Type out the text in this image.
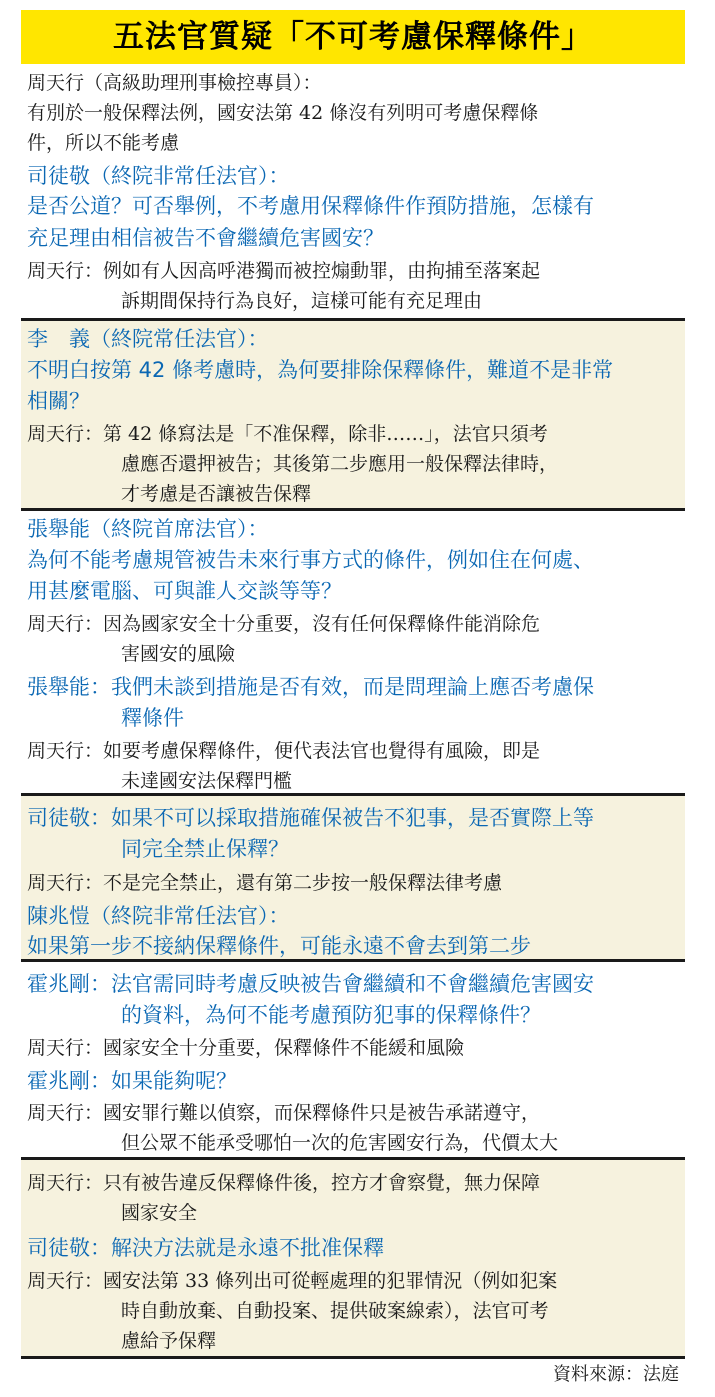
五法官質疑「不可考慮保釋條件」
周天行（高級助理刑事檢控專員）：
有別於一般保釋法例，國安法第 42 條沒有列明可考慮保釋條
件，所以不能考慮
司徒敬（終院非常任法官）：
是否公道？可否舉例，不考慮用保釋條件作預防措施，怎樣有
充足理由相信被告不會繼續危害國安？
周天行：例如有人因高呼港獨而被控煽動罪，由拘捕至落案起
訴期間保持行為良好，這樣可能有充足理由
李　義（終院常任法官）：
不明白按第 42 條考慮時，為何要排除保釋條件，難道不是非常
相關？
周天行：第 42 條寫法是「不准保釋，除非……」，法官只須考
慮應否還押被告；其後第二步應用一般保釋法律時，
才考慮是否讓被告保釋
張舉能（終院首席法官）：
為何不能考慮規管被告未來行事方式的條件，例如住在何處、
用甚麼電腦、可與誰人交談等等？
周天行：因為國家安全十分重要，沒有任何保釋條件能消除危
害國安的風險
張舉能：我們未談到措施是否有效，而是問理論上應否考慮保
釋條件
周天行：如要考慮保釋條件，便代表法官也覺得有風險，即是
未達國安法保釋門檻
司徒敬：如果不可以採取措施確保被告不犯事，是否實際上等
同完全禁止保釋？
周天行：不是完全禁止，還有第二步按一般保釋法律考慮
陳兆愷（終院非常任法官）：
如果第一步不接納保釋條件，可能永遠不會去到第二步
霍兆剛：法官需同時考慮反映被告會繼續和不會繼續危害國安
的資料，為何不能考慮預防犯事的保釋條件？
周天行：國家安全十分重要，保釋條件不能緩和風險
霍兆剛：如果能夠呢？
周天行：國安罪行難以偵察，而保釋條件只是被告承諾遵守，
但公眾不能承受哪怕一次的危害國安行為，代價太大
周天行：只有被告違反保釋條件後，控方才會察覺，無力保障
國家安全
司徒敬：解決方法就是永遠不批准保釋
周天行：國安法第 33 條列出可從輕處理的犯罪情況（例如犯案
時自動放棄、自動投案、提供破案線索），法官可考
慮給予保釋
資料來源：法庭
